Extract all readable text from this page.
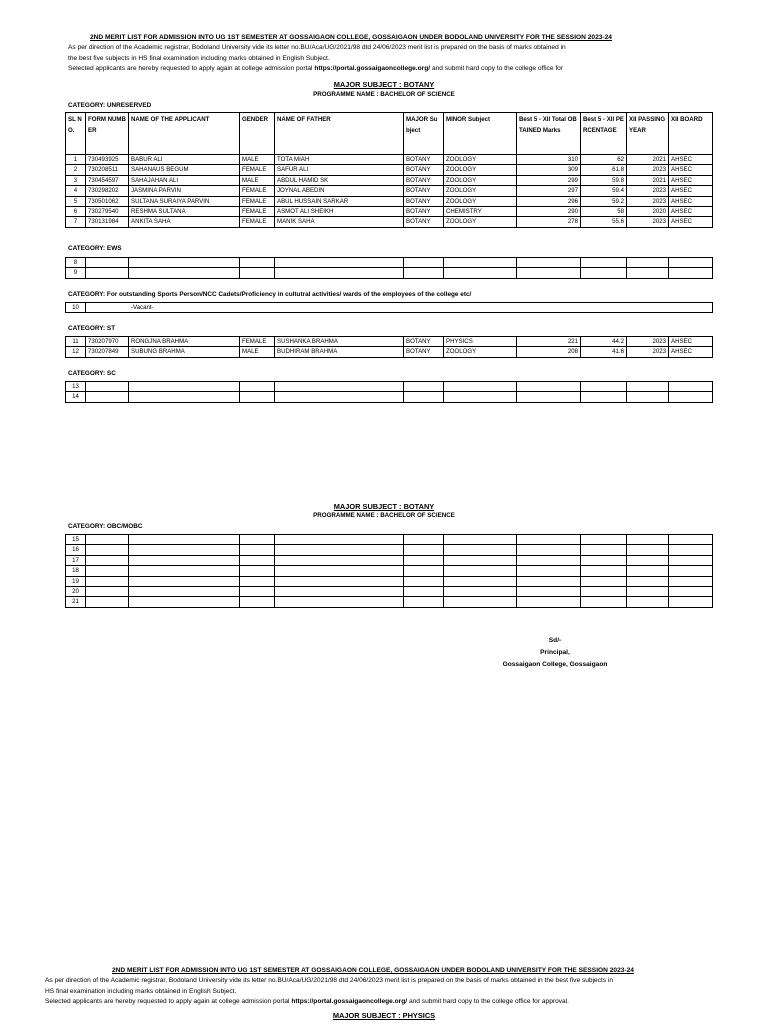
2ND MERIT LIST FOR ADMISSION INTO UG 1ST SEMESTER AT GOSSAIGAON COLLEGE, GOSSAIGAON UNDER BODOLAND UNIVERSITY FOR THE SESSION 2023-24
As per direction of the Academic registrar, Bodoland University vide its letter no.BU/Aca/UG/2021/98 dtd 24/06/2023 merit list is prepared on the basis of marks obtained in
the best five subjects in HS final examination including marks obtained in English Subject.
Selected applicants are hereby requested to apply again at college admission portal https://portal.gossaigaoncollege.org/ and submit hard copy to the college office for
MAJOR SUBJECT : BOTANY
PROGRAMME NAME : BACHELOR OF SCIENCE
CATEGORY: UNRESERVED
SL NO.	FORM NUMBER	NAME OF THE APPLICANT	GENDER	NAME OF FATHER	MAJOR Subject	MINOR Subject	Best 5 - XII Total OBTAINED Marks	Best 5 - XII PERCENTAGE	XII PASSING YEAR	XII BOARD
1	730493925	BABUR ALI	MALE	TOTA MIAH	BOTANY	ZOOLOGY	310	62	2021	AHSEC
2	730208511	SAHANAUS BEGUM	FEMALE	SAFUR ALI	BOTANY	ZOOLOGY	309	61.8	2023	AHSEC
3	730454597	SAHAJAHAN ALI	MALE	ABDUL HAMID SK	BOTANY	ZOOLOGY	299	59.8	2021	AHSEC
4	730298202	JASMINA PARVIN	FEMALE	JOYNAL ABEDIN	BOTANY	ZOOLOGY	297	59.4	2023	AHSEC
5	730501062	SULTANA SURAIYA PARVIN	FEMALE	ABUL HUSSAIN SARKAR	BOTANY	ZOOLOGY	296	59.2	2023	AHSEC
6	730279540	RESHMA SULTANA	FEMALE	ASMOT ALI SHEIKH	BOTANY	CHEMISTRY	290	58	2020	AHSEC
7	730131984	ANKITA SAHA	FEMALE	MANIK SAHA	BOTANY	ZOOLOGY	278	55.6	2023	AHSEC
CATEGORY: EWS
8										
9										
CATEGORY: For outstanding Sports Person/NCC Cadets/Proficiency in cultutral activities/ wards of the employees of the college etc/
10	-Vacant-
CATEGORY: ST
11	730207970	RONGJNA BRAHMA	FEMALE	SUSHANKA BRAHMA	BOTANY	PHYSICS	221	44.2	2023	AHSEC
12	730207849	SUBUNG BRAHMA	MALE	BUDHIRAM BRAHMA	BOTANY	ZOOLOGY	208	41.6	2023	AHSEC
CATEGORY: SC
13										
14										
MAJOR SUBJECT : BOTANY
PROGRAMME NAME : BACHELOR OF SCIENCE
CATEGORY: OBC/MOBC
15										
16										
17										
18										
19										
20										
21										
Sd/-
Principal,
Gossaigaon College, Gossaigaon
2ND MERIT LIST FOR ADMISSION INTO UG 1ST SEMESTER AT GOSSAIGAON COLLEGE, GOSSAIGAON UNDER BODOLAND UNIVERSITY FOR THE SESSION 2023-24
As per direction of the Academic registrar, Bodoland University vide its letter no.BU/Aca/UG/2021/98 dtd 24/06/2023 merit list is prepared on the basis of marks obtained in the best five subjects in
HS final examination including marks obtained in English Subject.
Selected applicants are hereby requested to apply again at college admission portal https://portal.gossaigaoncollege.org/ and submit hard copy to the college office for approval.
MAJOR SUBJECT : PHYSICS
